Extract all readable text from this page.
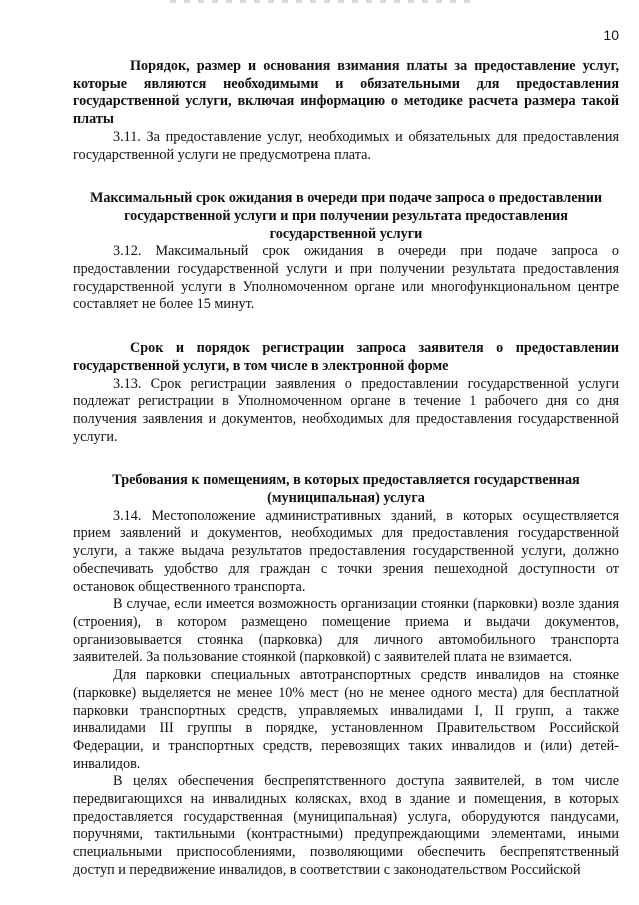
10

Порядок, размер и основания взимания платы за предоставление услуг, которые являются необходимыми и обязательными для предоставления государственной услуги, включая информацию о методике расчета размера такой платы

3.11. За предоставление услуг, необходимых и обязательных для предоставления государственной услуги не предусмотрена плата.

Максимальный срок ожидания в очереди при подаче запроса о предоставлении государственной услуги и при получении результата предоставления государственной услуги

3.12. Максимальный срок ожидания в очереди при подаче запроса о предоставлении государственной услуги и при получении результата предоставления государственной услуги в Уполномоченном органе или многофункциональном центре составляет не более 15 минут.

Срок и порядок регистрации запроса заявителя о предоставлении государственной услуги, в том числе в электронной форме

3.13. Срок регистрации заявления о предоставлении государственной услуги подлежат регистрации в Уполномоченном органе в течение 1 рабочего дня со дня получения заявления и документов, необходимых для предоставления государственной услуги.

Требования к помещениям, в которых предоставляется государственная (муниципальная) услуга

3.14. Местоположение административных зданий, в которых осуществляется прием заявлений и документов, необходимых для предоставления государственной услуги, а также выдача результатов предоставления государственной услуги, должно обеспечивать удобство для граждан с точки зрения пешеходной доступности от остановок общественного транспорта.

В случае, если имеется возможность организации стоянки (парковки) возле здания (строения), в котором размещено помещение приема и выдачи документов, организовывается стоянка (парковка) для личного автомобильного транспорта заявителей. За пользование стоянкой (парковкой) с заявителей плата не взимается.

Для парковки специальных автотранспортных средств инвалидов на стоянке (парковке) выделяется не менее 10% мест (но не менее одного места) для бесплатной парковки транспортных средств, управляемых инвалидами I, II групп, а также инвалидами III группы в порядке, установленном Правительством Российской Федерации, и транспортных средств, перевозящих таких инвалидов и (или) детей- инвалидов.

В целях обеспечения беспрепятственного доступа заявителей, в том числе передвигающихся на инвалидных колясках, вход в здание и помещения, в которых предоставляется государственная (муниципальная) услуга, оборудуются пандусами, поручнями, тактильными (контрастными) предупреждающими элементами, иными специальными приспособлениями, позволяющими обеспечить беспрепятственный доступ и передвижение инвалидов, в соответствии с законодательством Российской
